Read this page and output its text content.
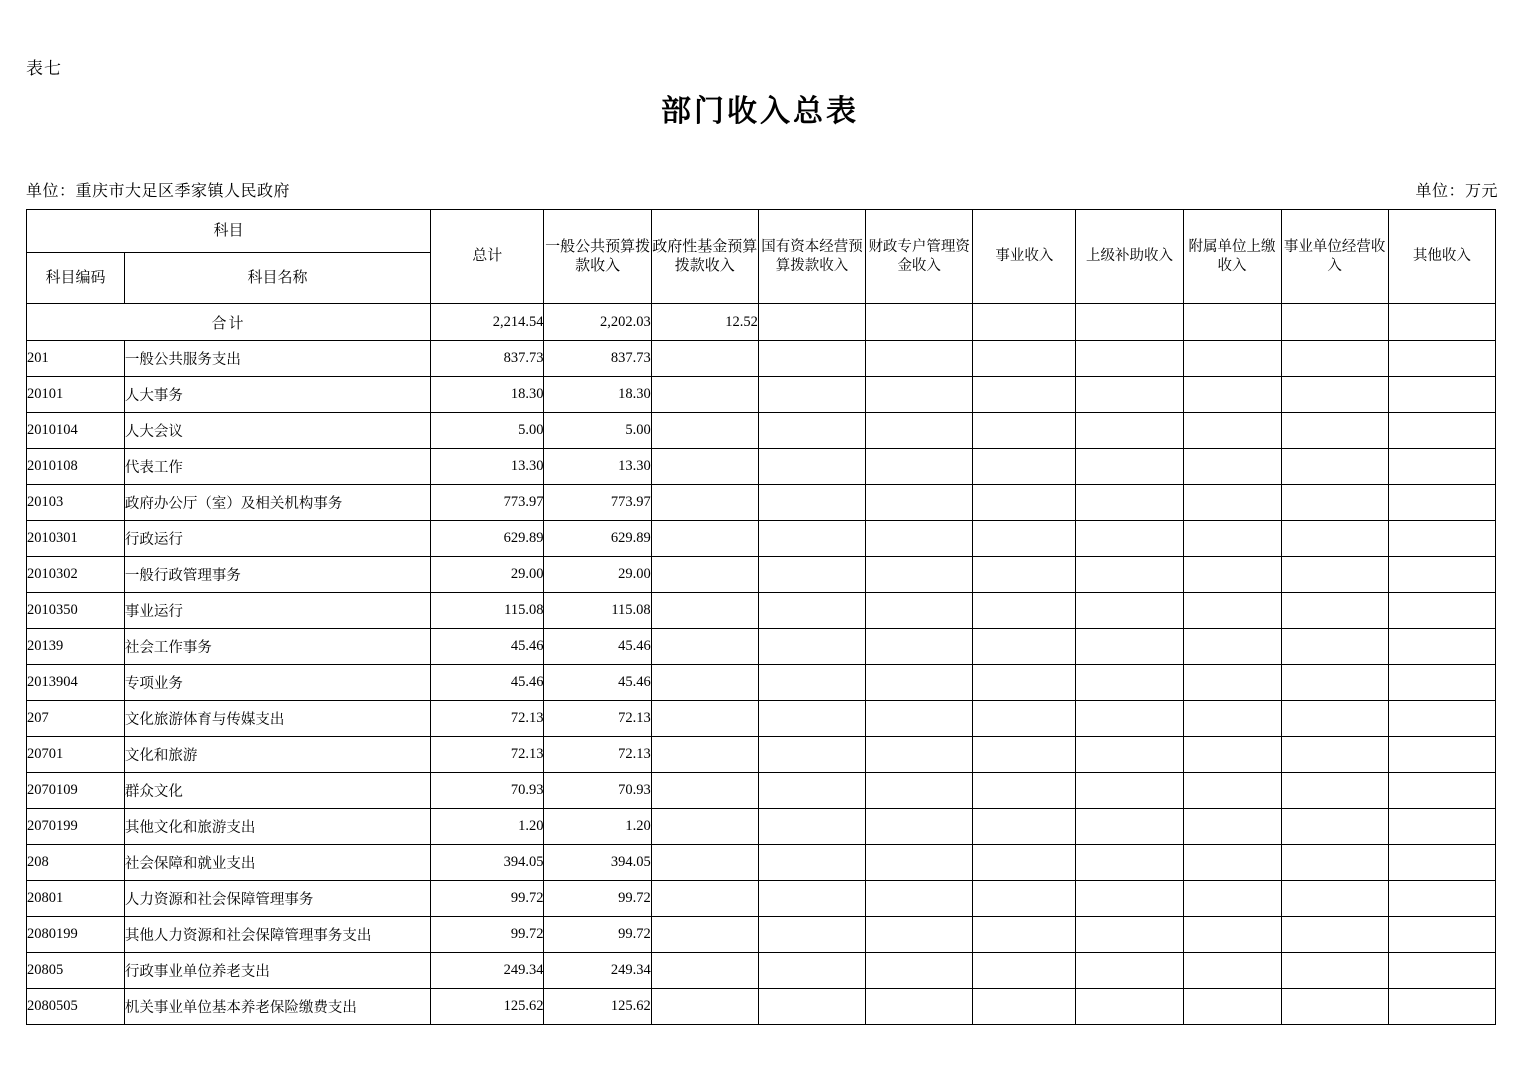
表七
部门收入总表
单位：重庆市大足区季家镇人民政府	单位：万元
科目		总计	一般公共预算拨款收入	政府性基金预算拨款收入	国有资本经营预算拨款收入	财政专户管理资金收入	事业收入	上级补助收入	附属单位上缴收入	事业单位经营收入	其他收入
科目编码	科目名称										
合计		2,214.54	2,202.03	12.52							
201	一般公共服务支出	837.73	837.73								
20101	人大事务	18.30	18.30								
2010104	人大会议	5.00	5.00								
2010108	代表工作	13.30	13.30								
20103	政府办公厅（室）及相关机构事务	773.97	773.97								
2010301	行政运行	629.89	629.89								
2010302	一般行政管理事务	29.00	29.00								
2010350	事业运行	115.08	115.08								
20139	社会工作事务	45.46	45.46								
2013904	专项业务	45.46	45.46								
207	文化旅游体育与传媒支出	72.13	72.13								
20701	文化和旅游	72.13	72.13								
2070109	群众文化	70.93	70.93								
2070199	其他文化和旅游支出	1.20	1.20								
208	社会保障和就业支出	394.05	394.05								
20801	人力资源和社会保障管理事务	99.72	99.72								
2080199	其他人力资源和社会保障管理事务支出	99.72	99.72								
20805	行政事业单位养老支出	249.34	249.34								
2080505	机关事业单位基本养老保险缴费支出	125.62	125.62								
